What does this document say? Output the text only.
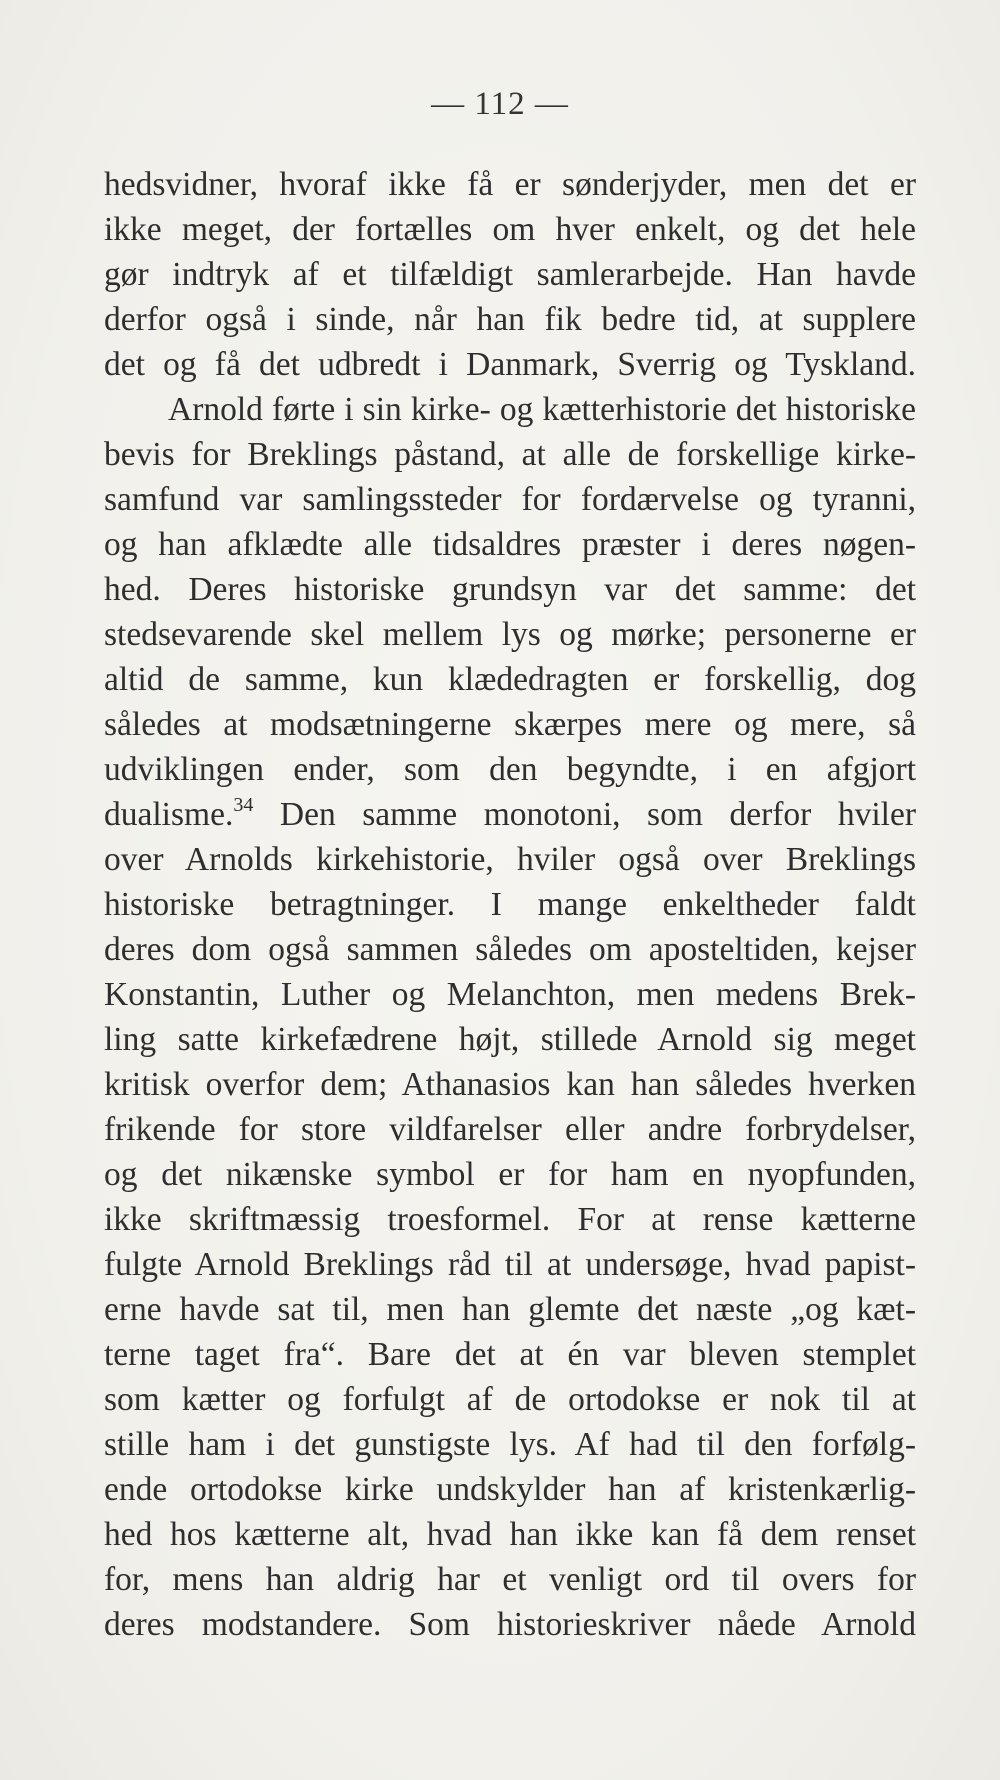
— 112 —
hedsvidner, hvoraf ikke få er sønderjyder, men det er
ikke meget, der fortælles om hver enkelt, og det hele
gør indtryk af et tilfældigt samlerarbejde. Han havde
derfor også i sinde, når han fik bedre tid, at supplere
det og få det udbredt i Danmark, Sverrig og Tyskland.
Arnold førte i sin kirke- og kætterhistorie det historiske
bevis for Breklings påstand, at alle de forskellige kirke-
samfund var samlingssteder for fordærvelse og tyranni,
og han afklædte alle tidsaldres præster i deres nøgen-
hed. Deres historiske grundsyn var det samme: det
stedsevarende skel mellem lys og mørke; personerne er
altid de samme, kun klædedragten er forskellig, dog
således at modsætningerne skærpes mere og mere, så
udviklingen ender, som den begyndte, i en afgjort
dualisme.$^{34}$ Den samme monotoni, som derfor hviler
over Arnolds kirkehistorie, hviler også over Breklings
historiske betragtninger. I mange enkeltheder faldt
deres dom også sammen således om aposteltiden, kejser
Konstantin, Luther og Melanchton, men medens Brek-
ling satte kirkefædrene højt, stillede Arnold sig meget
kritisk overfor dem; Athanasios kan han således hverken
frikende for store vildfarelser eller andre forbrydelser,
og det nikænske symbol er for ham en nyopfunden,
ikke skriftmæssig troesformel. For at rense kætterne
fulgte Arnold Breklings råd til at undersøge, hvad papist-
erne havde sat til, men han glemte det næste „og kæt-
terne taget fra“. Bare det at én var bleven stemplet
som kætter og forfulgt af de ortodokse er nok til at
stille ham i det gunstigste lys. Af had til den forfølg-
ende ortodokse kirke undskylder han af kristenkærlig-
hed hos kætterne alt, hvad han ikke kan få dem renset
for, mens han aldrig har et venligt ord til overs for
deres modstandere. Som historieskriver nåede Arnold
